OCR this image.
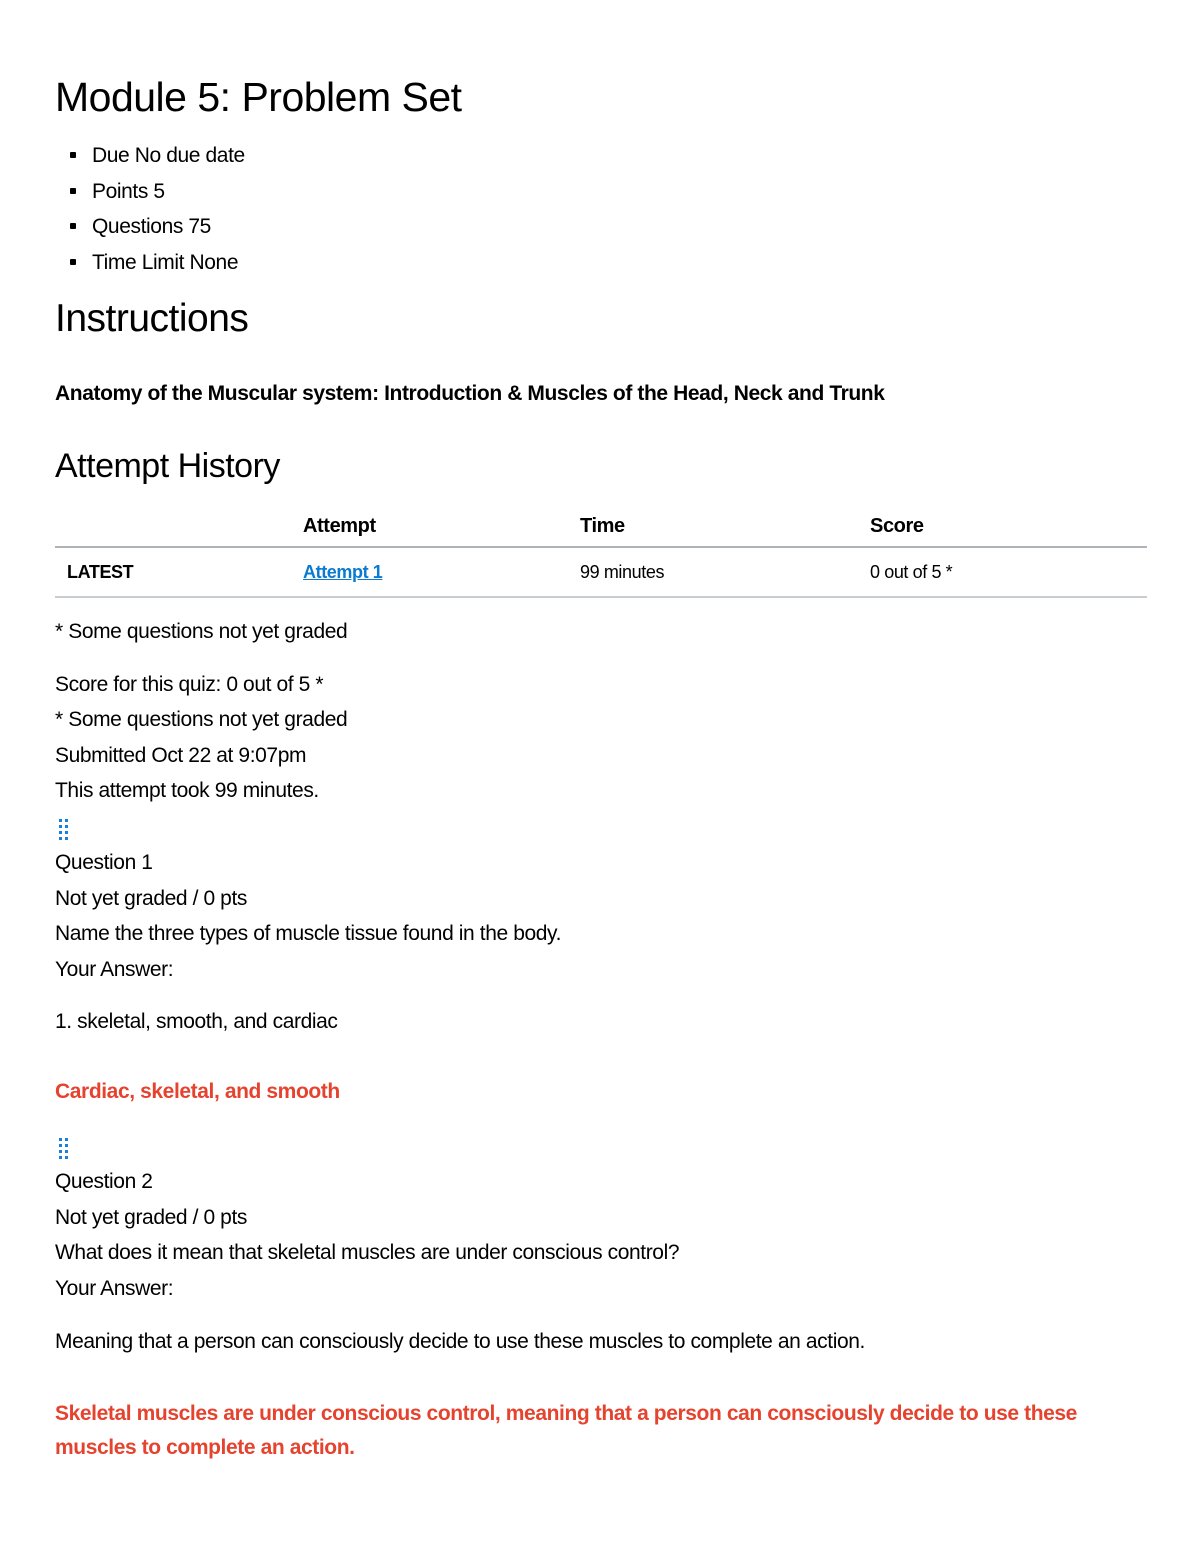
Module 5: Problem Set
Due No due date
Points 5
Questions 75
Time Limit None
Instructions
Anatomy of the Muscular system: Introduction & Muscles of the Head, Neck and Trunk
Attempt History
	Attempt	Time	Score
LATEST	Attempt 1	99 minutes	0 out of 5 *
* Some questions not yet graded
Score for this quiz: 0 out of 5 *
* Some questions not yet graded
Submitted Oct 22 at 9:07pm
This attempt took 99 minutes.
Question 1
Not yet graded / 0 pts
Name the three types of muscle tissue found in the body.
Your Answer:
1. skeletal, smooth, and cardiac
Cardiac, skeletal, and smooth
Question 2
Not yet graded / 0 pts
What does it mean that skeletal muscles are under conscious control?
Your Answer:
Meaning that a person can consciously decide to use these muscles to complete an action.
Skeletal muscles are under conscious control, meaning that a person can consciously decide to use these muscles to complete an action.
